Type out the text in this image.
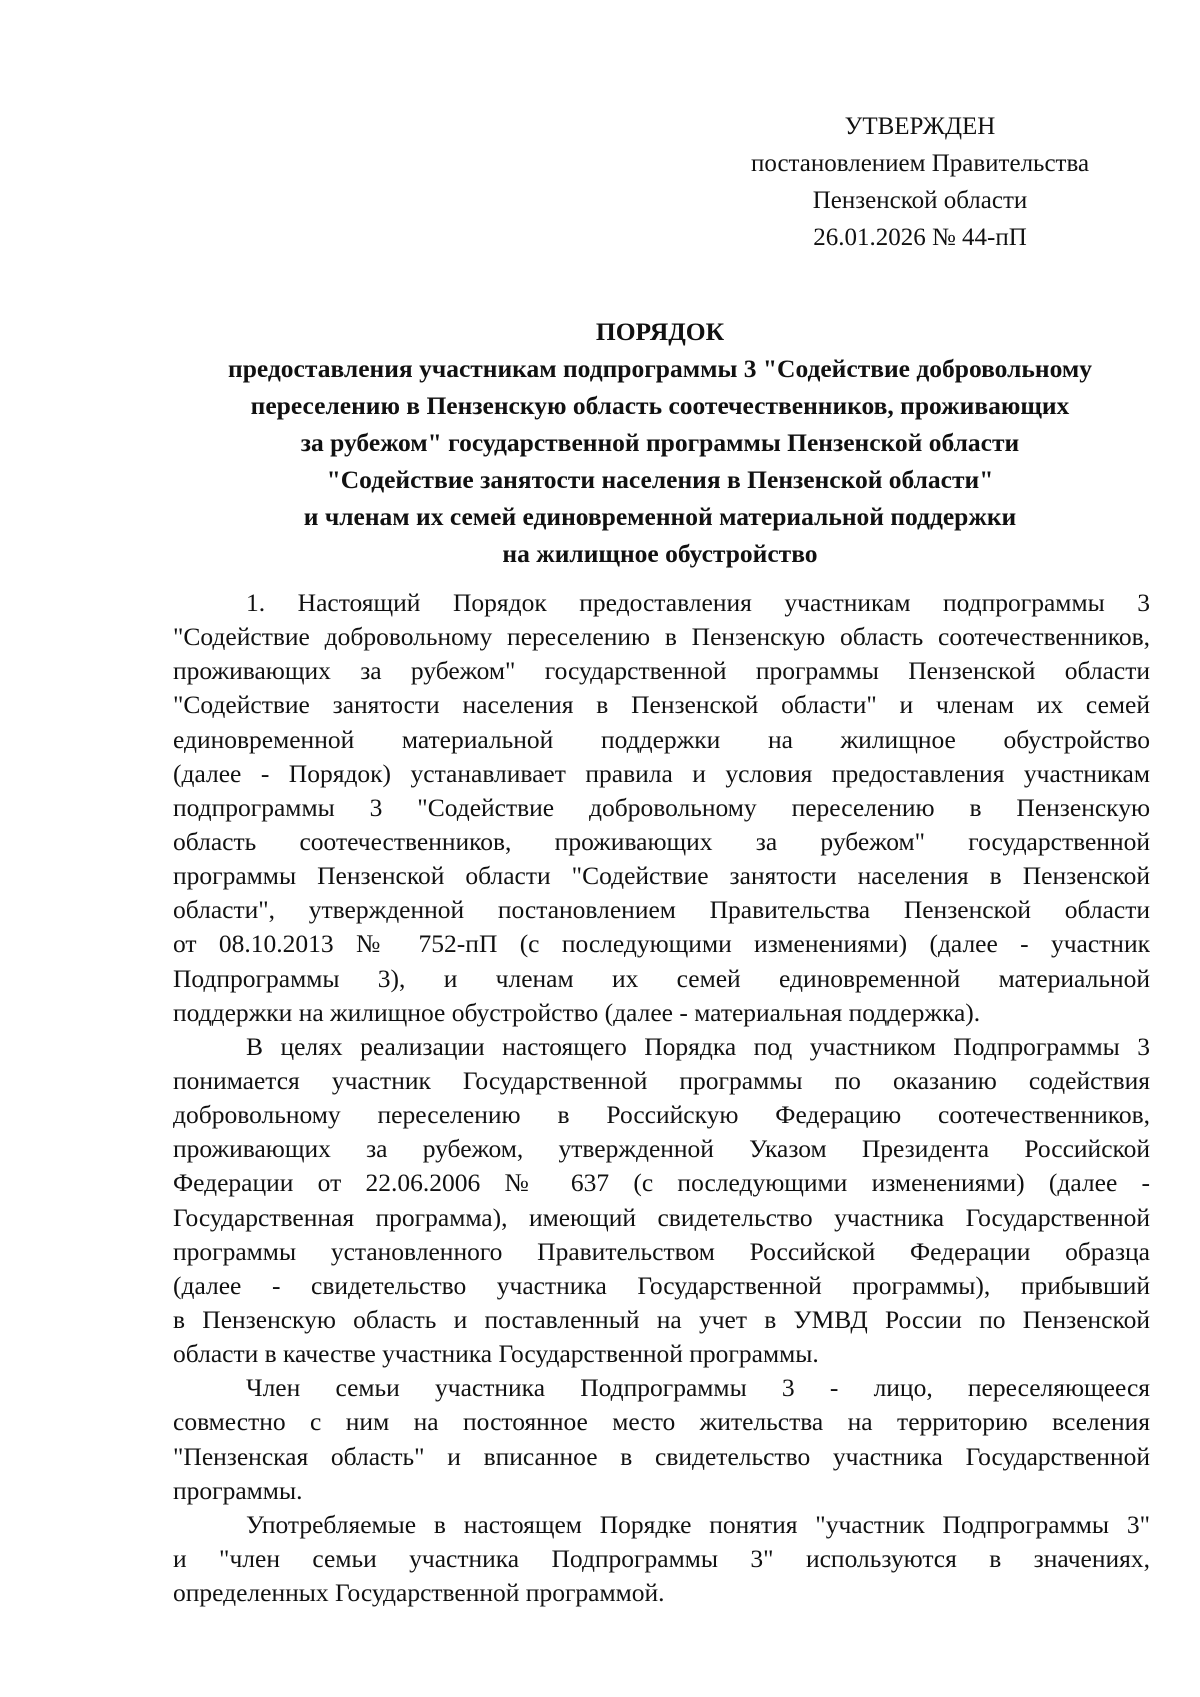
УТВЕРЖДЕН
постановлением Правительства
Пензенской области
26.01.2026 № 44-пП
ПОРЯДОК
предоставления участникам подпрограммы 3 "Содействие добровольному
переселению в Пензенскую область соотечественников, проживающих
за рубежом" государственной программы Пензенской области
"Содействие занятости населения в Пензенской области"
и членам их семей единовременной материальной поддержки
на жилищное обустройство
1. Настоящий Порядок предоставления участникам подпрограммы 3
"Содействие добровольному переселению в Пензенскую область соотечественников,
проживающих за рубежом" государственной программы Пензенской области
"Содействие занятости населения в Пензенской области" и членам их семей
единовременной материальной поддержки на жилищное обустройство
(далее - Порядок) устанавливает правила и условия предоставления участникам
подпрограммы 3 "Содействие добровольному переселению в Пензенскую
область соотечественников, проживающих за рубежом" государственной
программы Пензенской области "Содействие занятости населения в Пензенской
области", утвержденной постановлением Правительства Пензенской области
от 08.10.2013 № 752-пП (с последующими изменениями) (далее - участник
Подпрограммы 3), и членам их семей единовременной материальной
поддержки на жилищное обустройство (далее - материальная поддержка).
В целях реализации настоящего Порядка под участником Подпрограммы 3
понимается участник Государственной программы по оказанию содействия
добровольному переселению в Российскую Федерацию соотечественников,
проживающих за рубежом, утвержденной Указом Президента Российской
Федерации от 22.06.2006 № 637 (с последующими изменениями) (далее -
Государственная программа), имеющий свидетельство участника Государственной
программы установленного Правительством Российской Федерации образца
(далее - свидетельство участника Государственной программы), прибывший
в Пензенскую область и поставленный на учет в УМВД России по Пензенской
области в качестве участника Государственной программы.
Член семьи участника Подпрограммы 3 - лицо, переселяющееся
совместно с ним на постоянное место жительства на территорию вселения
"Пензенская область" и вписанное в свидетельство участника Государственной
программы.
Употребляемые в настоящем Порядке понятия "участник Подпрограммы 3"
и "член семьи участника Подпрограммы 3" используются в значениях,
определенных Государственной программой.
